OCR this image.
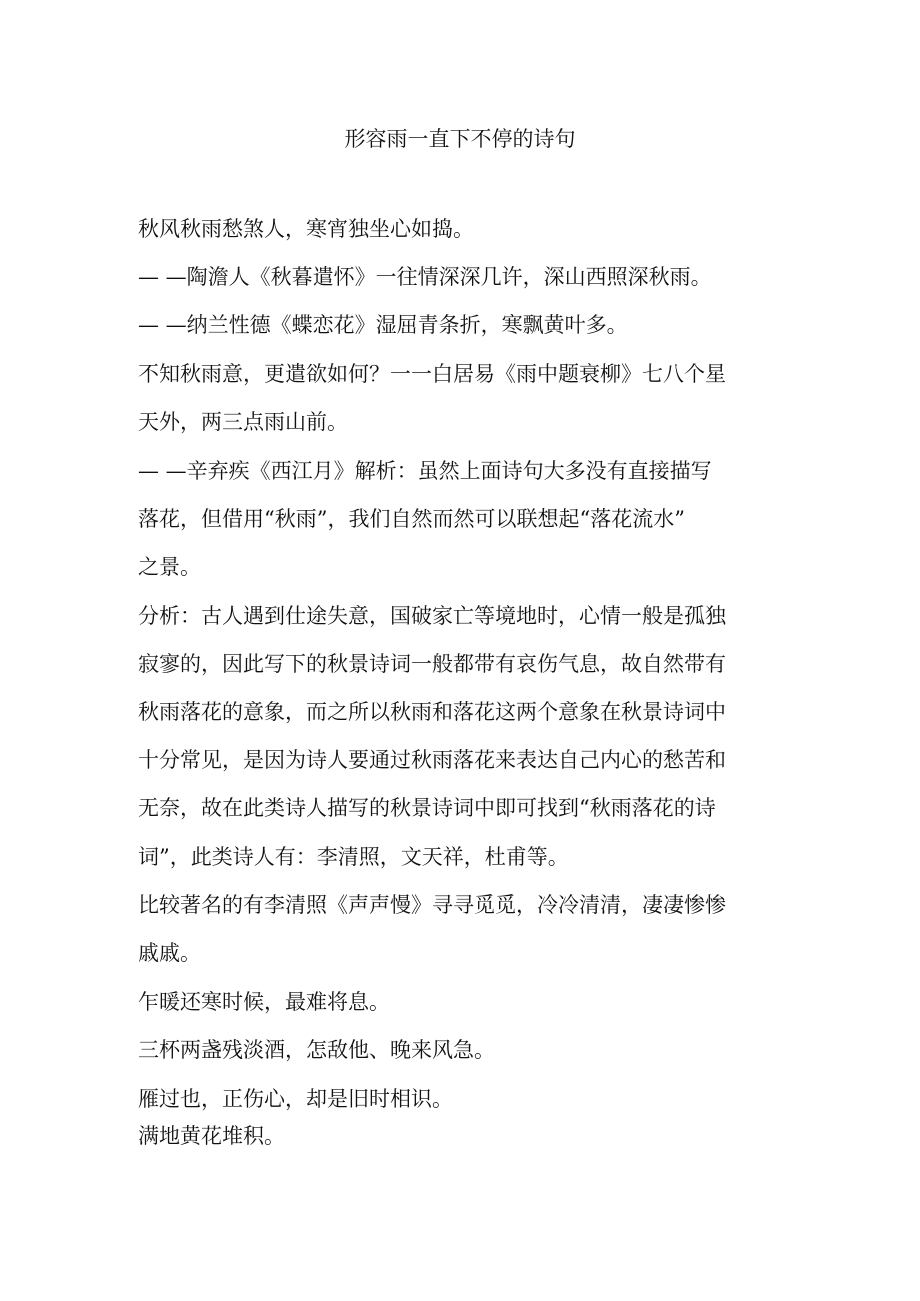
形容雨一直下不停的诗句
秋风秋雨愁煞人，寒宵独坐心如捣。
— —陶澹人《秋暮遣怀》一往情深深几许，深山西照深秋雨。
— —纳兰性德《蝶恋花》湿屈青条折，寒飘黄叶多。
不知秋雨意，更遣欲如何？一一白居易《雨中题衰柳》七八个星
天外，两三点雨山前。
— —辛弃疾《西江月》解析：虽然上面诗句大多没有直接描写
落花，但借用“秋雨”，我们自然而然可以联想起“落花流水”
之景。
分析：古人遇到仕途失意，国破家亡等境地时，心情一般是孤独
寂寥的，因此写下的秋景诗词一般都带有哀伤气息，故自然带有
秋雨落花的意象，而之所以秋雨和落花这两个意象在秋景诗词中
十分常见，是因为诗人要通过秋雨落花来表达自己内心的愁苦和
无奈，故在此类诗人描写的秋景诗词中即可找到“秋雨落花的诗
词”，此类诗人有：李清照，文天祥，杜甫等。
比较著名的有李清照《声声慢》寻寻觅觅，冷冷清清，凄凄惨惨
戚戚。
乍暖还寒时候，最难将息。
三杯两盏残淡酒，怎敌他、晚来风急。
雁过也，正伤心，却是旧时相识。
满地黄花堆积。
